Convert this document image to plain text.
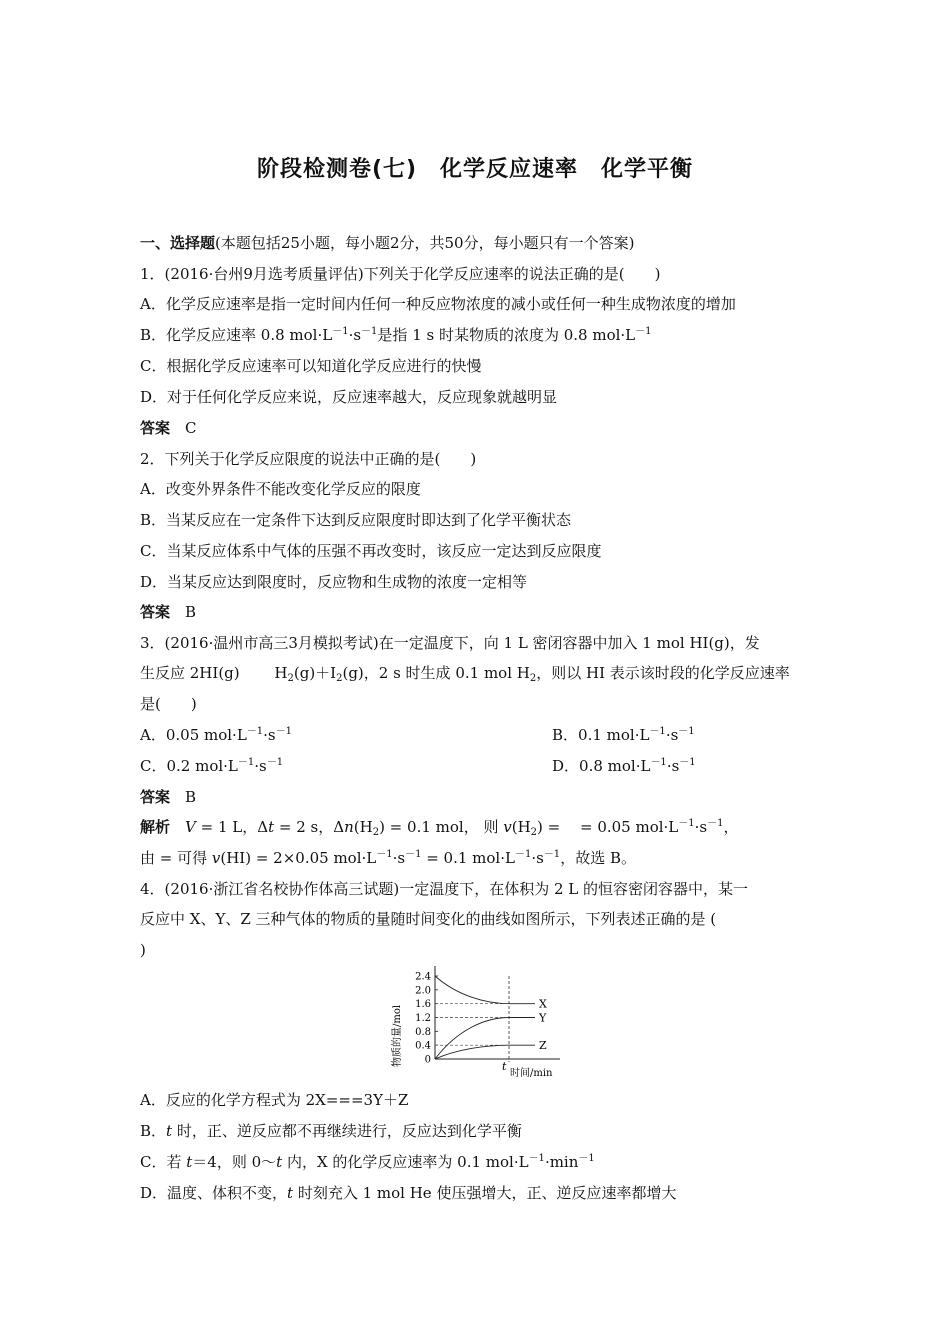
阶段检测卷(七)　化学反应速率　化学平衡
一、选择题(本题包括25小题，每小题2分，共50分，每小题只有一个答案)
1．(2016·台州9月选考质量评估)下列关于化学反应速率的说法正确的是(　　)
A．化学反应速率是指一定时间内任何一种反应物浓度的减小或任何一种生成物浓度的增加
B．化学反应速率 0.8 $mol\cdot L^{-1}\cdot s^{-1}$是指 1 s 时某物质的浓度为 0.8 $mol\cdot L^{-1}$
C．根据化学反应速率可以知道化学反应进行的快慢
D．对于任何化学反应来说，反应速率越大，反应现象就越明显
答案　 C
2．下列关于化学反应限度的说法中正确的是(　　)
A．改变外界条件不能改变化学反应的限度
B．当某反应在一定条件下达到反应限度时即达到了化学平衡状态
C．当某反应体系中气体的压强不再改变时，该反应一定达到反应限度
D．当某反应达到限度时，反应物和生成物的浓度一定相等
答案　 B
3．(2016·温州市高三3月模拟考试)在一定温度下，向 1 L 密闭容器中加入 1 mol HI(g)，发
生反应 2HI(g)　　 $H_2(g)+I_2(g)$，2 s 时生成 0.1 mol $H_2$，则以 HI 表示该时段的化学反应速率
是(　　)
A．0.05 $mol\cdot L^{-1}\cdot s^{-1}$	B．0.1 $mol\cdot L^{-1}\cdot s^{-1}$
C．0.2 $mol\cdot L^{-1}\cdot s^{-1}$	D．0.8 $mol\cdot L^{-1}\cdot s^{-1}$
答案　 B
解析　 V = 1 L，Δt = 2 s，$\Delta n(H_2) = 0.1$ mol， 则 $v(H_2)$ = 　= 0.05 $mol\cdot L^{-1}\cdot s^{-1}$，
由 = 可得 v(HI) = 2×0.05 $mol\cdot L^{-1}\cdot s^{-1} = 0.1$ $mol\cdot L^{-1}\cdot s^{-1}$，故选 B。
4．(2016·浙江省名校协作体高三试题)一定温度下，在体积为 2 L 的恒容密闭容器中，某一
反应中 X、Y、Z 三种气体的物质的量随时间变化的曲线如图所示，下列表述正确的是 (
)
物质的量/mol
2.4
2.0
1.6
1.2
0.8
0.4
0
X
Y
Z
t
时间/min
A．反应的化学方程式为 2X===3Y＋Z
B．t 时，正、逆反应都不再继续进行，反应达到化学平衡
C．若 t＝4，则 0～t 内，X 的化学反应速率为 0.1 $mol\cdot L^{-1}\cdot\min^{-1}$
D．温度、体积不变，t 时刻充入 1 mol He 使压强增大，正、逆反应速率都增大
